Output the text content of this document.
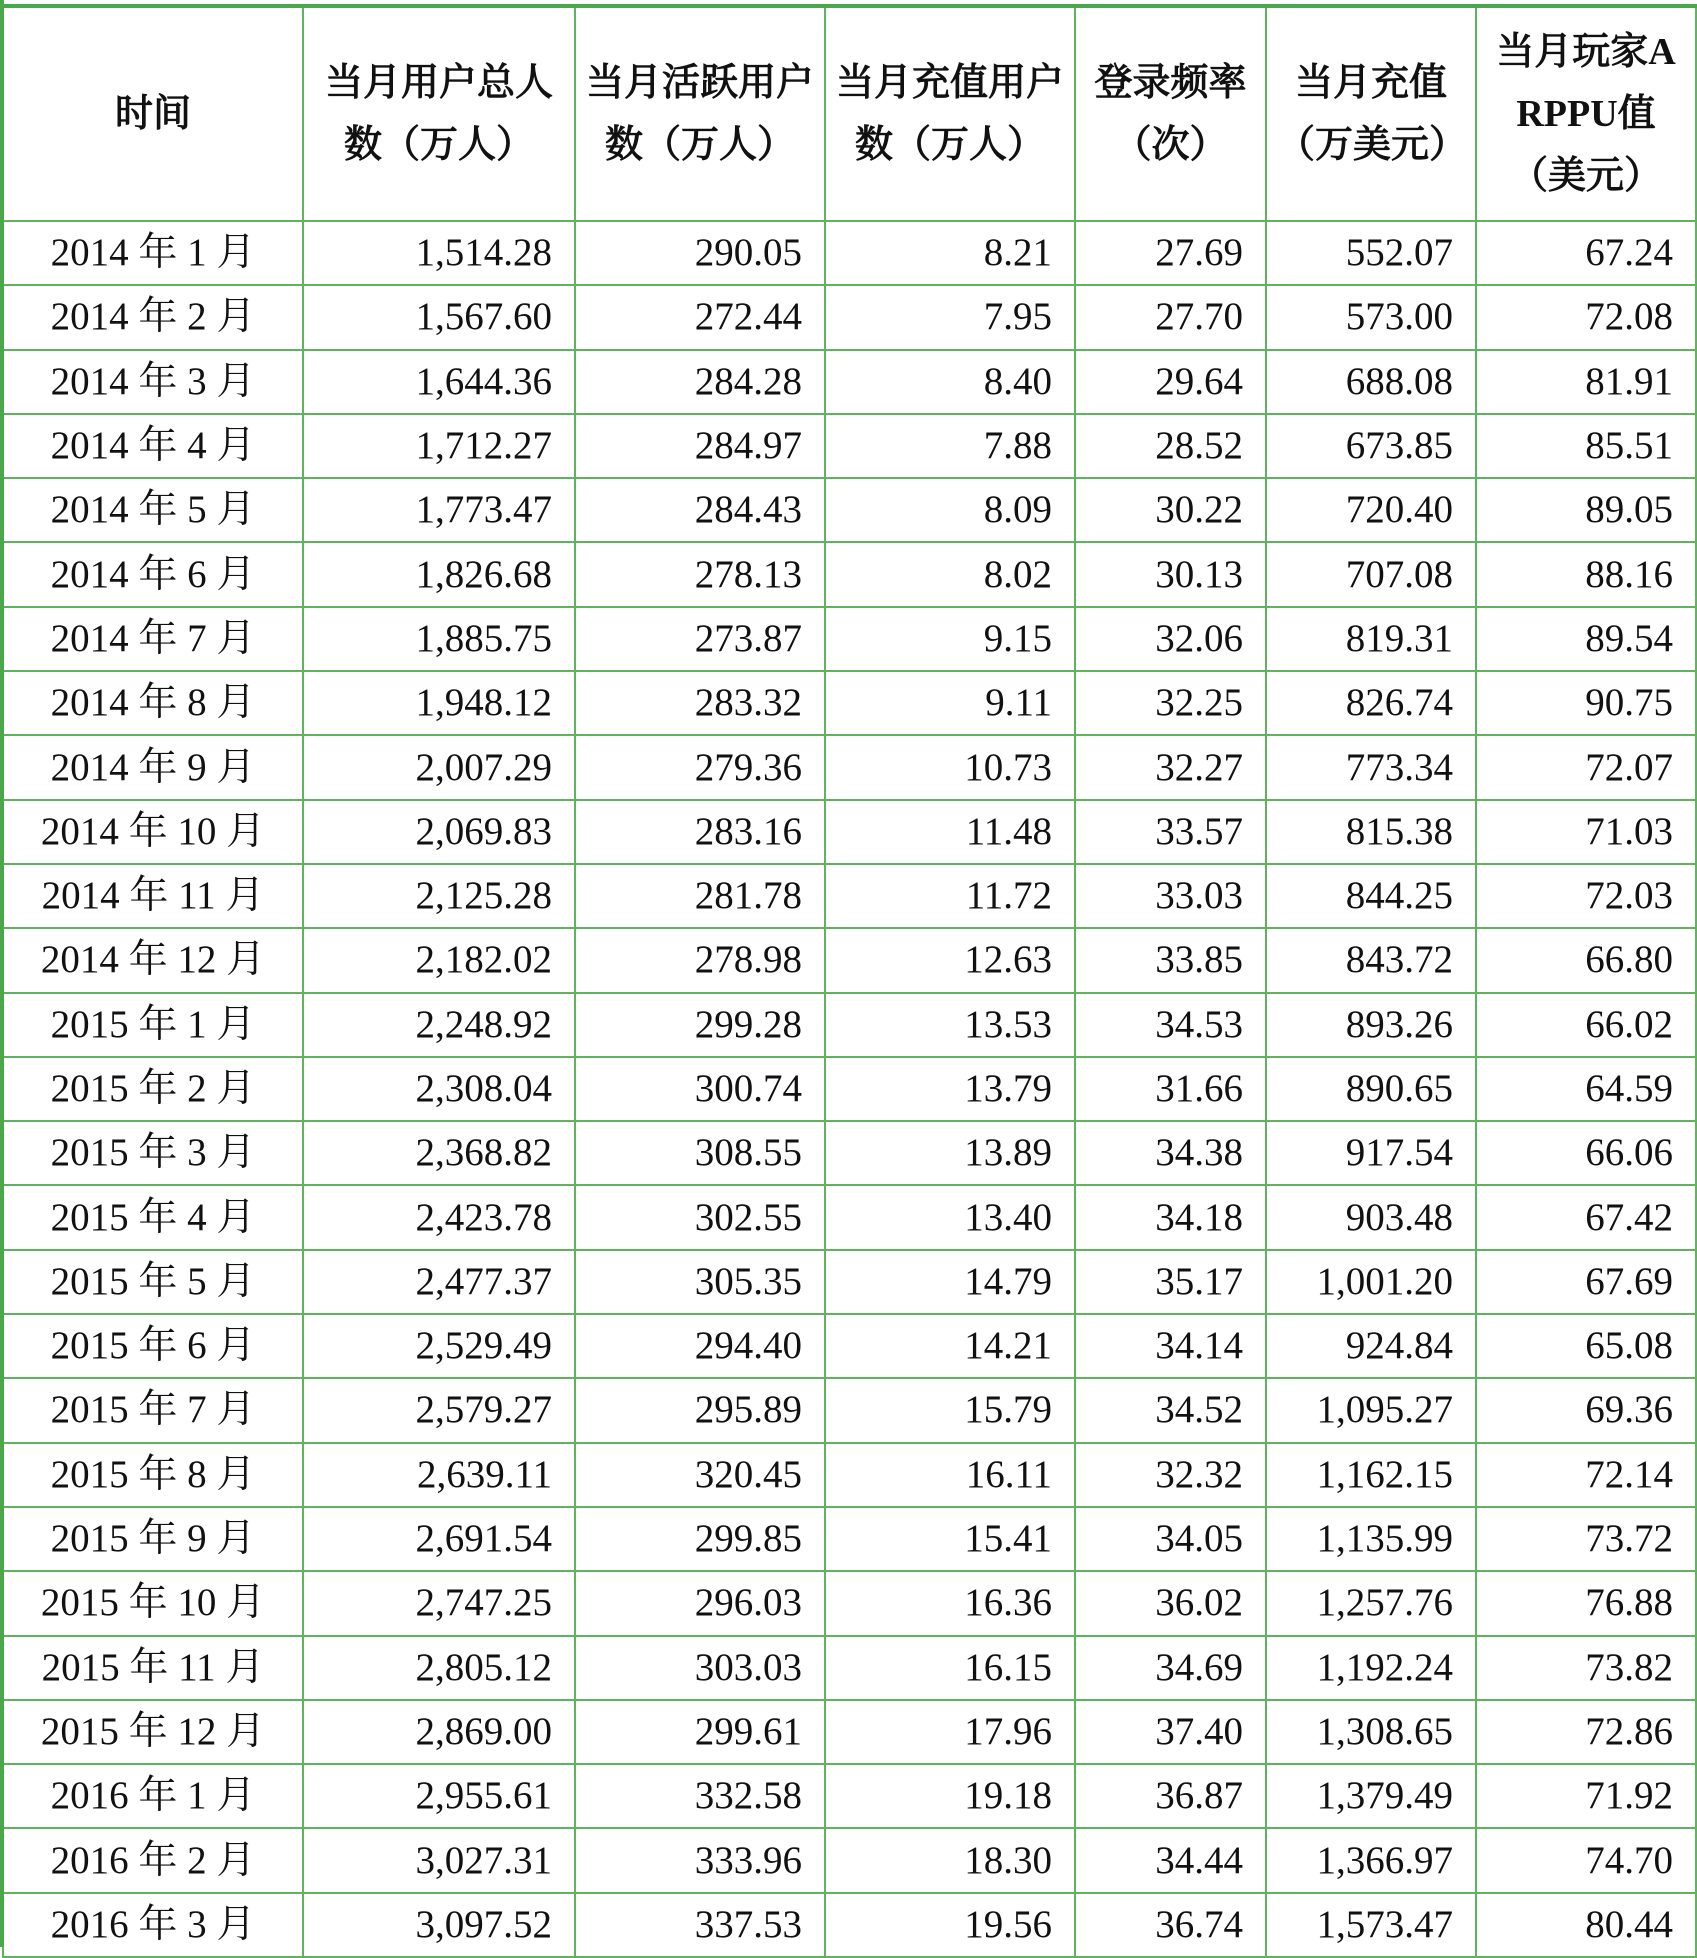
时间	当月用户总人数（万人）	当月活跃用户数（万人）	当月充值用户数（万人）	登录频率（次）	当月充值（万美元）	当月玩家ARPPU值（美元）
2014 年 1 月	1,514.28	290.05	8.21	27.69	552.07	67.24
2014 年 2 月	1,567.60	272.44	7.95	27.70	573.00	72.08
2014 年 3 月	1,644.36	284.28	8.40	29.64	688.08	81.91
2014 年 4 月	1,712.27	284.97	7.88	28.52	673.85	85.51
2014 年 5 月	1,773.47	284.43	8.09	30.22	720.40	89.05
2014 年 6 月	1,826.68	278.13	8.02	30.13	707.08	88.16
2014 年 7 月	1,885.75	273.87	9.15	32.06	819.31	89.54
2014 年 8 月	1,948.12	283.32	9.11	32.25	826.74	90.75
2014 年 9 月	2,007.29	279.36	10.73	32.27	773.34	72.07
2014 年 10 月	2,069.83	283.16	11.48	33.57	815.38	71.03
2014 年 11 月	2,125.28	281.78	11.72	33.03	844.25	72.03
2014 年 12 月	2,182.02	278.98	12.63	33.85	843.72	66.80
2015 年 1 月	2,248.92	299.28	13.53	34.53	893.26	66.02
2015 年 2 月	2,308.04	300.74	13.79	31.66	890.65	64.59
2015 年 3 月	2,368.82	308.55	13.89	34.38	917.54	66.06
2015 年 4 月	2,423.78	302.55	13.40	34.18	903.48	67.42
2015 年 5 月	2,477.37	305.35	14.79	35.17	1,001.20	67.69
2015 年 6 月	2,529.49	294.40	14.21	34.14	924.84	65.08
2015 年 7 月	2,579.27	295.89	15.79	34.52	1,095.27	69.36
2015 年 8 月	2,639.11	320.45	16.11	32.32	1,162.15	72.14
2015 年 9 月	2,691.54	299.85	15.41	34.05	1,135.99	73.72
2015 年 10 月	2,747.25	296.03	16.36	36.02	1,257.76	76.88
2015 年 11 月	2,805.12	303.03	16.15	34.69	1,192.24	73.82
2015 年 12 月	2,869.00	299.61	17.96	37.40	1,308.65	72.86
2016 年 1 月	2,955.61	332.58	19.18	36.87	1,379.49	71.92
2016 年 2 月	3,027.31	333.96	18.30	34.44	1,366.97	74.70
2016 年 3 月	3,097.52	337.53	19.56	36.74	1,573.47	80.44
